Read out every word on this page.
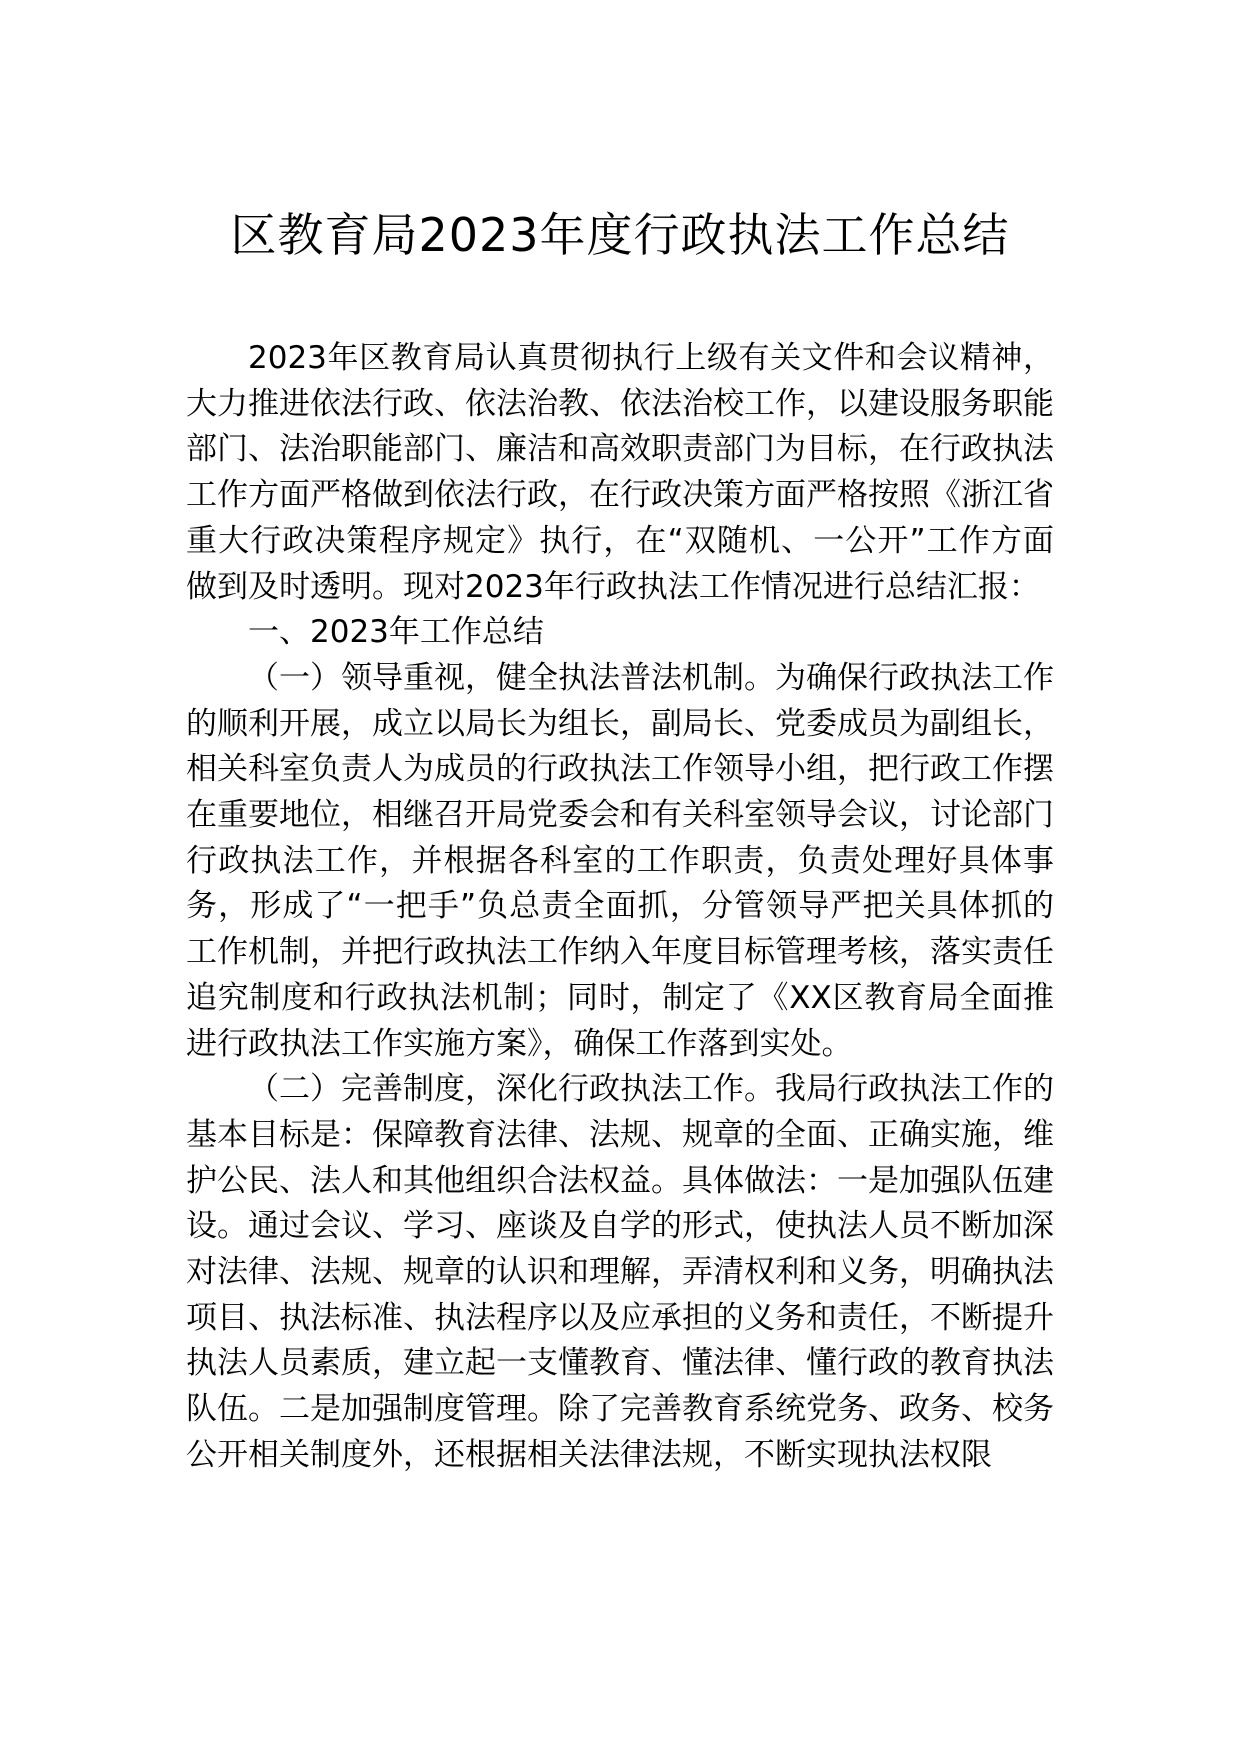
区教育局2023年度行政执法工作总结

2023年区教育局认真贯彻执行上级有关文件和会议精神，大力推进依法行政、依法治教、依法治校工作，以建设服务职能部门、法治职能部门、廉洁和高效职责部门为目标，在行政执法工作方面严格做到依法行政，在行政决策方面严格按照《浙江省重大行政决策程序规定》执行，在“双随机、一公开”工作方面做到及时透明。现对2023年行政执法工作情况进行总结汇报：

一、2023年工作总结

（一）领导重视，健全执法普法机制。为确保行政执法工作的顺利开展，成立以局长为组长，副局长、党委成员为副组长，相关科室负责人为成员的行政执法工作领导小组，把行政工作摆在重要地位，相继召开局党委会和有关科室领导会议，讨论部门行政执法工作，并根据各科室的工作职责，负责处理好具体事务，形成了“一把手”负总责全面抓，分管领导严把关具体抓的工作机制，并把行政执法工作纳入年度目标管理考核，落实责任追究制度和行政执法机制；同时，制定了《XX区教育局全面推进行政执法工作实施方案》，确保工作落到实处。

（二）完善制度，深化行政执法工作。我局行政执法工作的基本目标是：保障教育法律、法规、规章的全面、正确实施，维护公民、法人和其他组织合法权益。具体做法：一是加强队伍建设。通过会议、学习、座谈及自学的形式，使执法人员不断加深对法律、法规、规章的认识和理解，弄清权利和义务，明确执法项目、执法标准、执法程序以及应承担的义务和责任，不断提升执法人员素质，建立起一支懂教育、懂法律、懂行政的教育执法队伍。二是加强制度管理。除了完善教育系统党务、政务、校务公开相关制度外，还根据相关法律法规，不断实现执法权限
